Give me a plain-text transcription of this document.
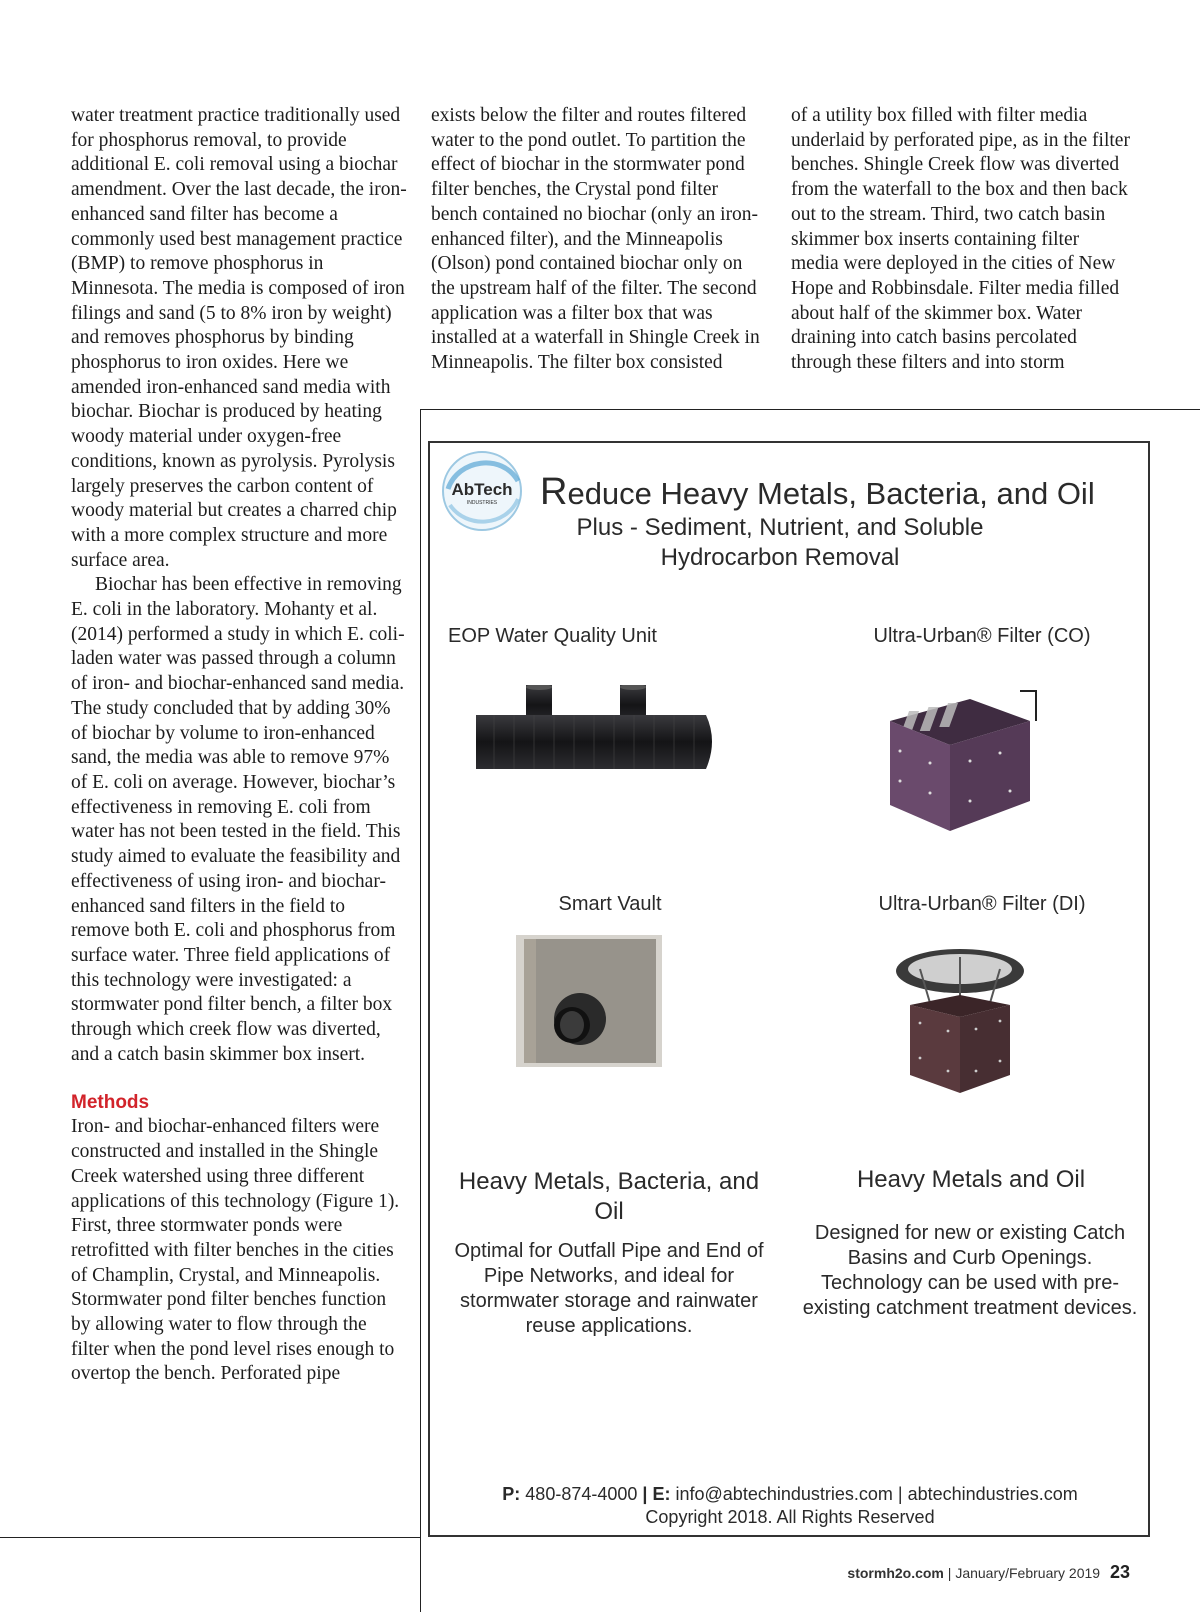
water treatment practice traditionally used for phosphorus removal, to provide additional E. coli removal using a biochar amendment. Over the last decade, the iron-enhanced sand filter has become a commonly used best management practice (BMP) to remove phosphorus in Minnesota. The media is composed of iron filings and sand (5 to 8% iron by weight) and removes phosphorus by binding phosphorus to iron oxides. Here we amended iron-enhanced sand media with biochar. Biochar is produced by heating woody material under oxygen-free conditions, known as pyrolysis. Pyrolysis largely preserves the carbon content of woody material but creates a charred chip with a more complex structure and more surface area.

Biochar has been effective in removing E. coli in the laboratory. Mohanty et al. (2014) performed a study in which E. coli-laden water was passed through a column of iron- and biochar-enhanced sand media. The study concluded that by adding 30% of biochar by volume to iron-enhanced sand, the media was able to remove 97% of E. coli on average. However, biochar’s effectiveness in removing E. coli from water has not been tested in the field. This study aimed to evaluate the feasibility and effectiveness of using iron- and biochar-enhanced sand filters in the field to remove both E. coli and phosphorus from surface water. Three field applications of this technology were investigated: a stormwater pond filter bench, a filter box through which creek flow was diverted, and a catch basin skimmer box insert.

Methods

Iron- and biochar-enhanced filters were constructed and installed in the Shingle Creek watershed using three different applications of this technology (Figure 1). First, three stormwater ponds were retrofitted with filter benches in the cities of Champlin, Crystal, and Minneapolis. Stormwater pond filter benches function by allowing water to flow through the filter when the pond level rises enough to overtop the bench. Perforated pipe

exists below the filter and routes filtered water to the pond outlet. To partition the effect of biochar in the stormwater pond filter benches, the Crystal pond filter bench contained no biochar (only an iron-enhanced filter), and the Minneapolis (Olson) pond contained biochar only on the upstream half of the filter. The second application was a filter box that was installed at a waterfall in Shingle Creek in Minneapolis. The filter box consisted

of a utility box filled with filter media underlaid by perforated pipe, as in the filter benches. Shingle Creek flow was diverted from the waterfall to the box and then back out to the stream. Third, two catch basin skimmer box inserts containing filter media were deployed in the cities of New Hope and Robbinsdale. Filter media filled about half of the skimmer box. Water draining into catch basins percolated through these filters and into storm

AbTech
INDUSTRIES Reduce Heavy Metals, Bacteria, and Oil
Plus - Sediment, Nutrient, and Soluble Hydrocarbon Removal
EOP Water Quality Unit	Ultra-Urban® Filter (CO)
Smart Vault	Ultra-Urban® Filter (DI)
Heavy Metals, Bacteria, and Oil
Heavy Metals and Oil
Optimal for Outfall Pipe and End of Pipe Networks, and ideal for stormwater storage and rainwater reuse applications.
Designed for new or existing Catch Basins and Curb Openings. Technology can be used with pre-existing catchment treatment devices.
P: 480-874-4000 | E: info@abtechindustries.com | abtechindustries.com
Copyright 2018. All Rights Reserved
stormh2o.com | January/February 2019 23
